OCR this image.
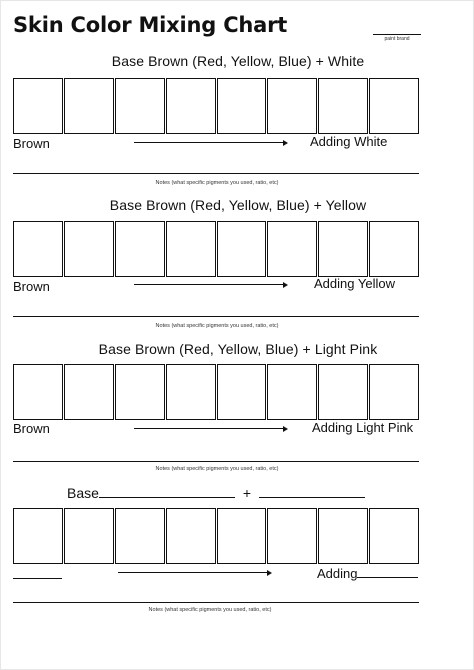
Skin Color Mixing Chart
paint brand
Base Brown (Red, Yellow, Blue) + White
Brown	Adding White
Notes (what specific pigments you used, ratio, etc)
Base Brown (Red, Yellow, Blue) + Yellow
Brown	Adding Yellow
Notes (what specific pigments you used, ratio, etc)
Base Brown (Red, Yellow, Blue) + Light Pink
Brown	Adding Light Pink
Notes (what specific pigments you used, ratio, etc)
Base	+
Adding
Notes (what specific pigments you used, ratio, etc)
